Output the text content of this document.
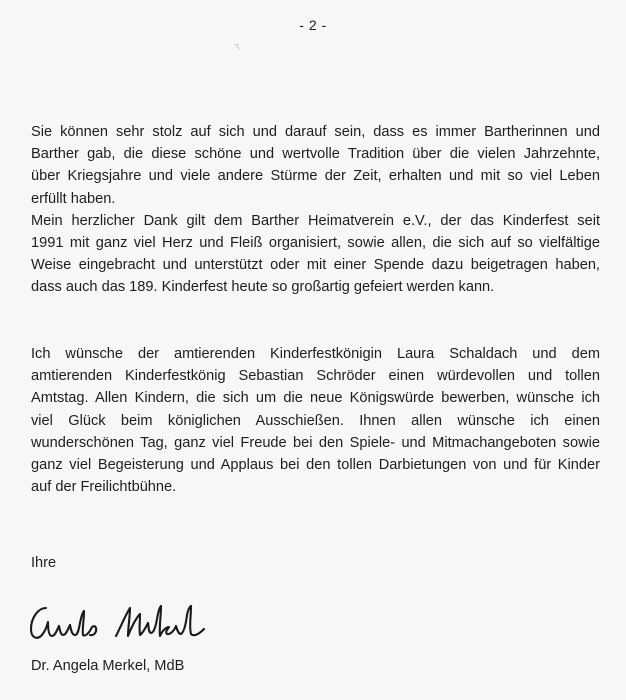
- 2 -
Sie können sehr stolz auf sich und darauf sein, dass es immer Bartherinnen und
Barther gab, die diese schöne und wertvolle Tradition über die vielen Jahrzehnte,
über Kriegsjahre und viele andere Stürme der Zeit, erhalten und mit so viel Leben
erfüllt haben.
Mein herzlicher Dank gilt dem Barther Heimatverein e.V., der das Kinderfest seit
1991 mit ganz viel Herz und Fleiß organisiert, sowie allen, die sich auf so vielfältige
Weise eingebracht und unterstützt oder mit einer Spende dazu beigetragen haben,
dass auch das 189. Kinderfest heute so großartig gefeiert werden kann.
Ich wünsche der amtierenden Kinderfestkönigin Laura Schaldach und dem
amtierenden Kinderfestkönig Sebastian Schröder einen würdevollen und tollen
Amtstag. Allen Kindern, die sich um die neue Königswürde bewerben, wünsche ich
viel Glück beim königlichen Ausschießen. Ihnen allen wünsche ich einen
wunderschönen Tag, ganz viel Freude bei den Spiele- und Mitmachangeboten sowie
ganz viel Begeisterung und Applaus bei den tollen Darbietungen von und für Kinder
auf der Freilichtbühne.
Ihre
Dr. Angela Merkel, MdB
